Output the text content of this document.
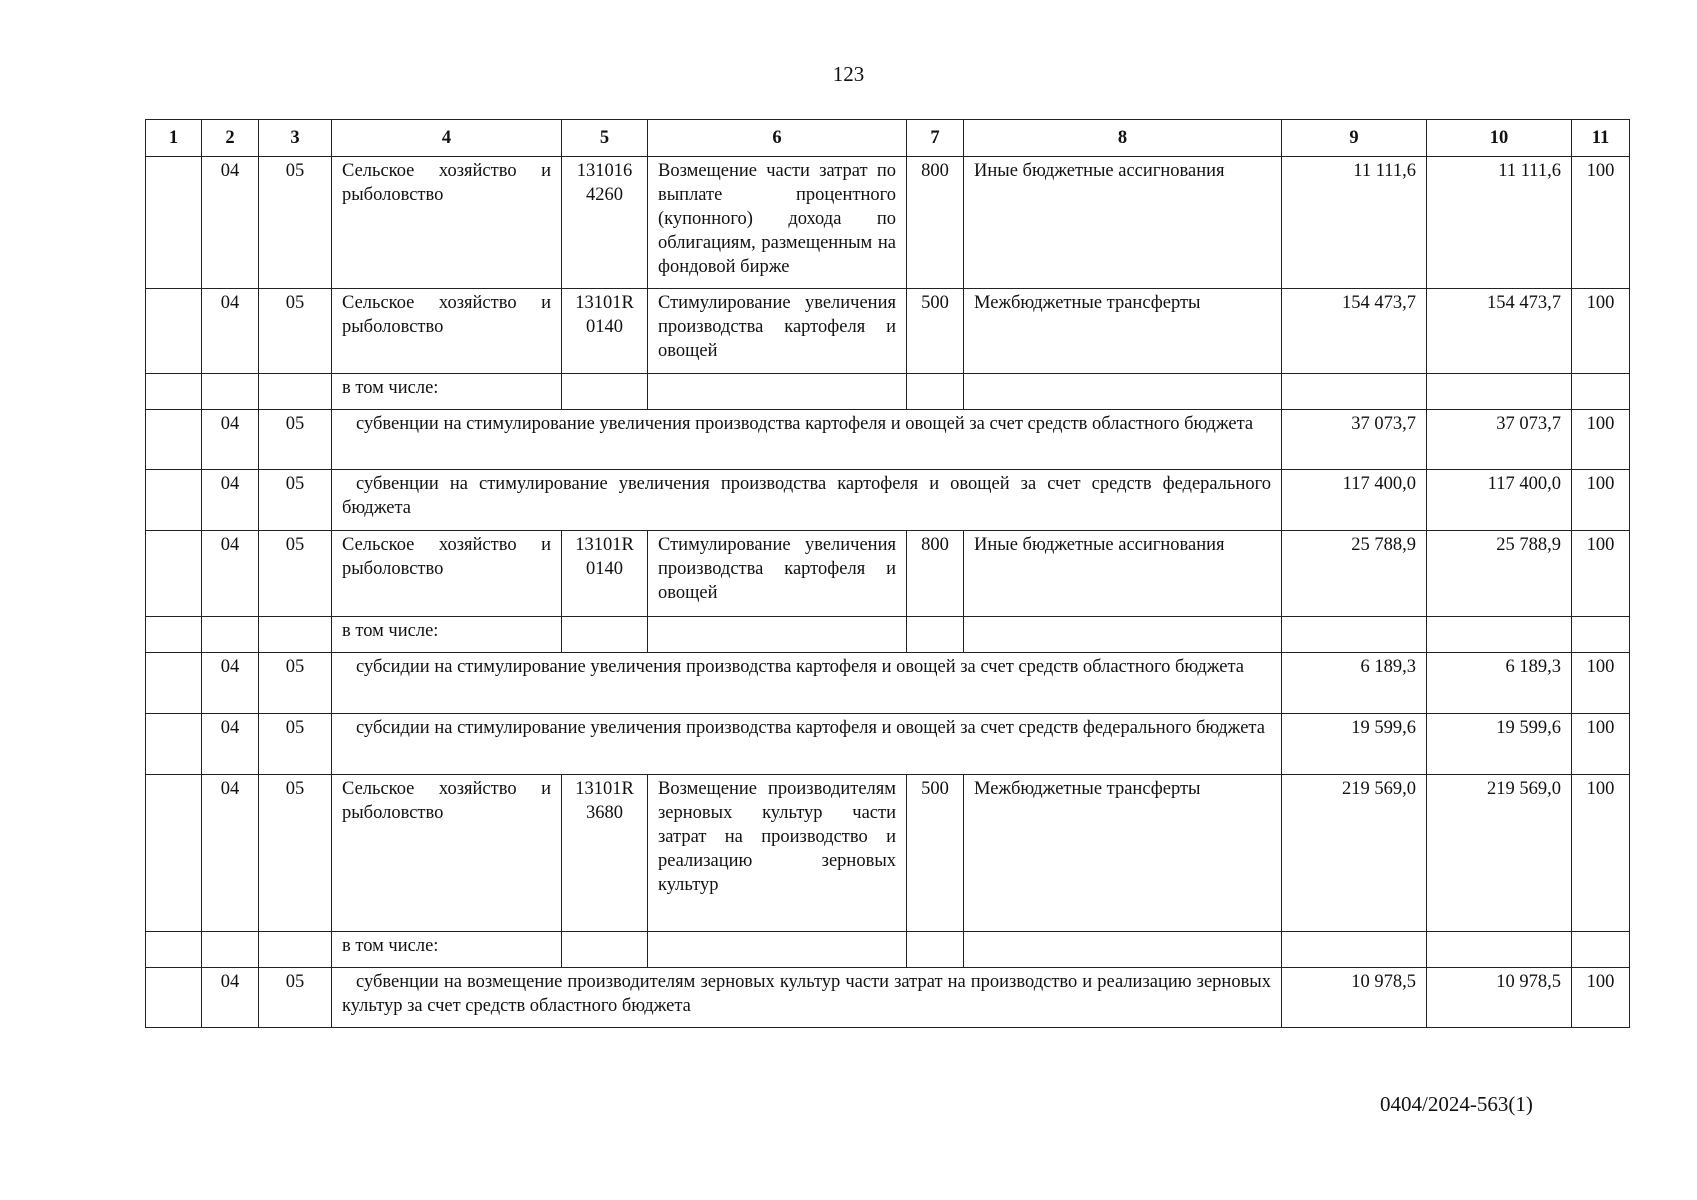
123
1	2	3	4	5	6	7	8	9	10	11
	04	05	Сельское хозяйство и рыболовство	131016 4260	Возмещение части затрат по выплате процентного (купонного) дохода по облигациям, размещенным на фондовой бирже	800	Иные бюджетные ассигнования	11 111,6	11 111,6	100
	04	05	Сельское хозяйство и рыболовство	13101R 0140	Стимулирование увеличения производства картофеля и овощей	500	Межбюджетные трансферты	154 473,7	154 473,7	100
			в том числе:							
	04	05	субвенции на стимулирование увеличения производства картофеля и овощей за счет средств областного бюджета					37 073,7	37 073,7	100
	04	05	субвенции на стимулирование увеличения производства картофеля и овощей за счет средств федерального бюджета					117 400,0	117 400,0	100
	04	05	Сельское хозяйство и рыболовство	13101R 0140	Стимулирование увеличения производства картофеля и овощей	800	Иные бюджетные ассигнования	25 788,9	25 788,9	100
			в том числе:							
	04	05	субсидии на стимулирование увеличения производства картофеля и овощей за счет средств областного бюджета					6 189,3	6 189,3	100
	04	05	субсидии на стимулирование увеличения производства картофеля и овощей за счет средств федерального бюджета					19 599,6	19 599,6	100
	04	05	Сельское хозяйство и рыболовство	13101R 3680	Возмещение производителям зерновых культур части затрат на производство и реализацию зерновых культур	500	Межбюджетные трансферты	219 569,0	219 569,0	100
			в том числе:							
	04	05	субвенции на возмещение производителям зерновых культур части затрат на производство и реализацию зерновых культур за счет средств областного бюджета					10 978,5	10 978,5	100
0404/2024-563(1)
